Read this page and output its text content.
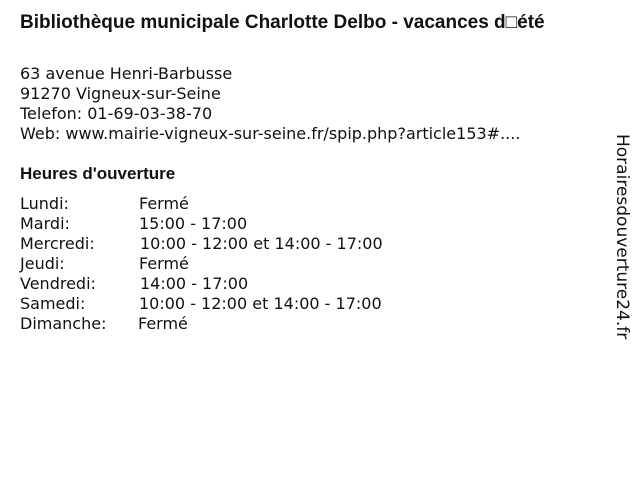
Bibliothèque municipale Charlotte Delbo - vacances d□été
63 avenue Henri-Barbusse
91270 Vigneux-sur-Seine
Telefon: 01-69-03-38-70
Web: www.mairie-vigneux-sur-seine.fr/spip.php?article153#....
Heures d'ouverture
Lundi:	Fermé
Mardi:	15:00 - 17:00
Mercredi:	10:00 - 12:00 et 14:00 - 17:00
Jeudi:	Fermé
Vendredi:	14:00 - 17:00
Samedi:	10:00 - 12:00 et 14:00 - 17:00
Dimanche: Fermé	Horairesdouverture24.fr
